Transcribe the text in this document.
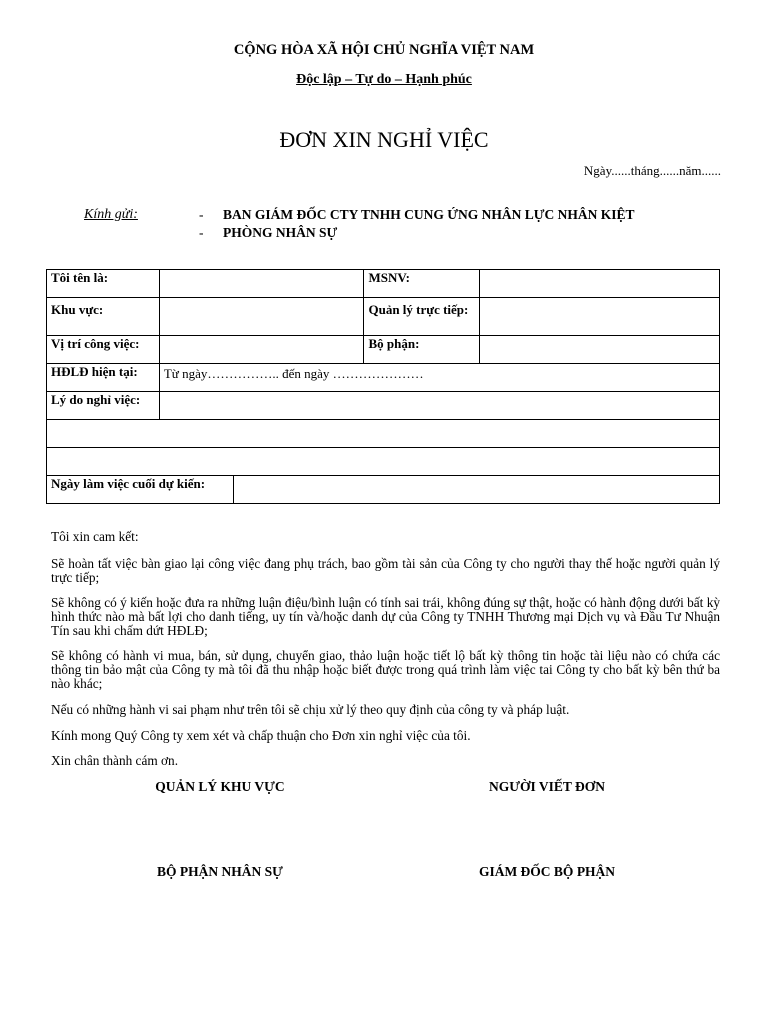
CỘNG HÒA XÃ HỘI CHỦ NGHĨA VIỆT NAM
Độc lập – Tự do – Hạnh phúc
ĐƠN XIN NGHỈ VIỆC
Ngày......tháng......năm......
Kính gửi:	- BAN GIÁM ĐỐC CTY TNHH CUNG ỨNG NHÂN LỰC NHÂN KIỆT
- PHÒNG NHÂN SỰ
Tôi tên là:			MSNV:	
Khu vực:			Quản lý trực tiếp:	
Vị trí công việc:			Bộ phận:	
HĐLĐ hiện tại:	Từ ngày…………….. đến ngày …………………			
Lý do nghỉ việc:				

Ngày làm việc cuối dự kiến:				
Tôi xin cam kết:
Sẽ hoàn tất việc bàn giao lại công việc đang phụ trách, bao gồm tài sản của Công ty cho người thay thế hoặc người quản lý trực tiếp;
Sẽ không có ý kiến hoặc đưa ra những luận điệu/bình luận có tính sai trái, không đúng sự thật, hoặc có hành động dưới bất kỳ hình thức nào mà bất lợi cho danh tiếng, uy tín và/hoặc danh dự của Công ty TNHH Thương mại Dịch vụ và Đầu Tư Nhuận Tín sau khi chấm dứt HĐLĐ;
Sẽ không có hành vi mua, bán, sử dụng, chuyển giao, thảo luận hoặc tiết lộ bất kỳ thông tin hoặc tài liệu nào có chứa các thông tin bảo mật của Công ty mà tôi đã thu nhập hoặc biết được trong quá trình làm việc tai Công ty cho bất kỳ bên thứ ba nào khác;
Nếu có những hành vi sai phạm như trên tôi sẽ chịu xử lý theo quy định của công ty và pháp luật.
Kính mong Quý Công ty xem xét và chấp thuận cho Đơn xin nghỉ việc của tôi.
Xin chân thành cám ơn.
QUẢN LÝ KHU VỰC	NGƯỜI VIẾT ĐƠN
BỘ PHẬN NHÂN SỰ	GIÁM ĐỐC BỘ PHẬN
